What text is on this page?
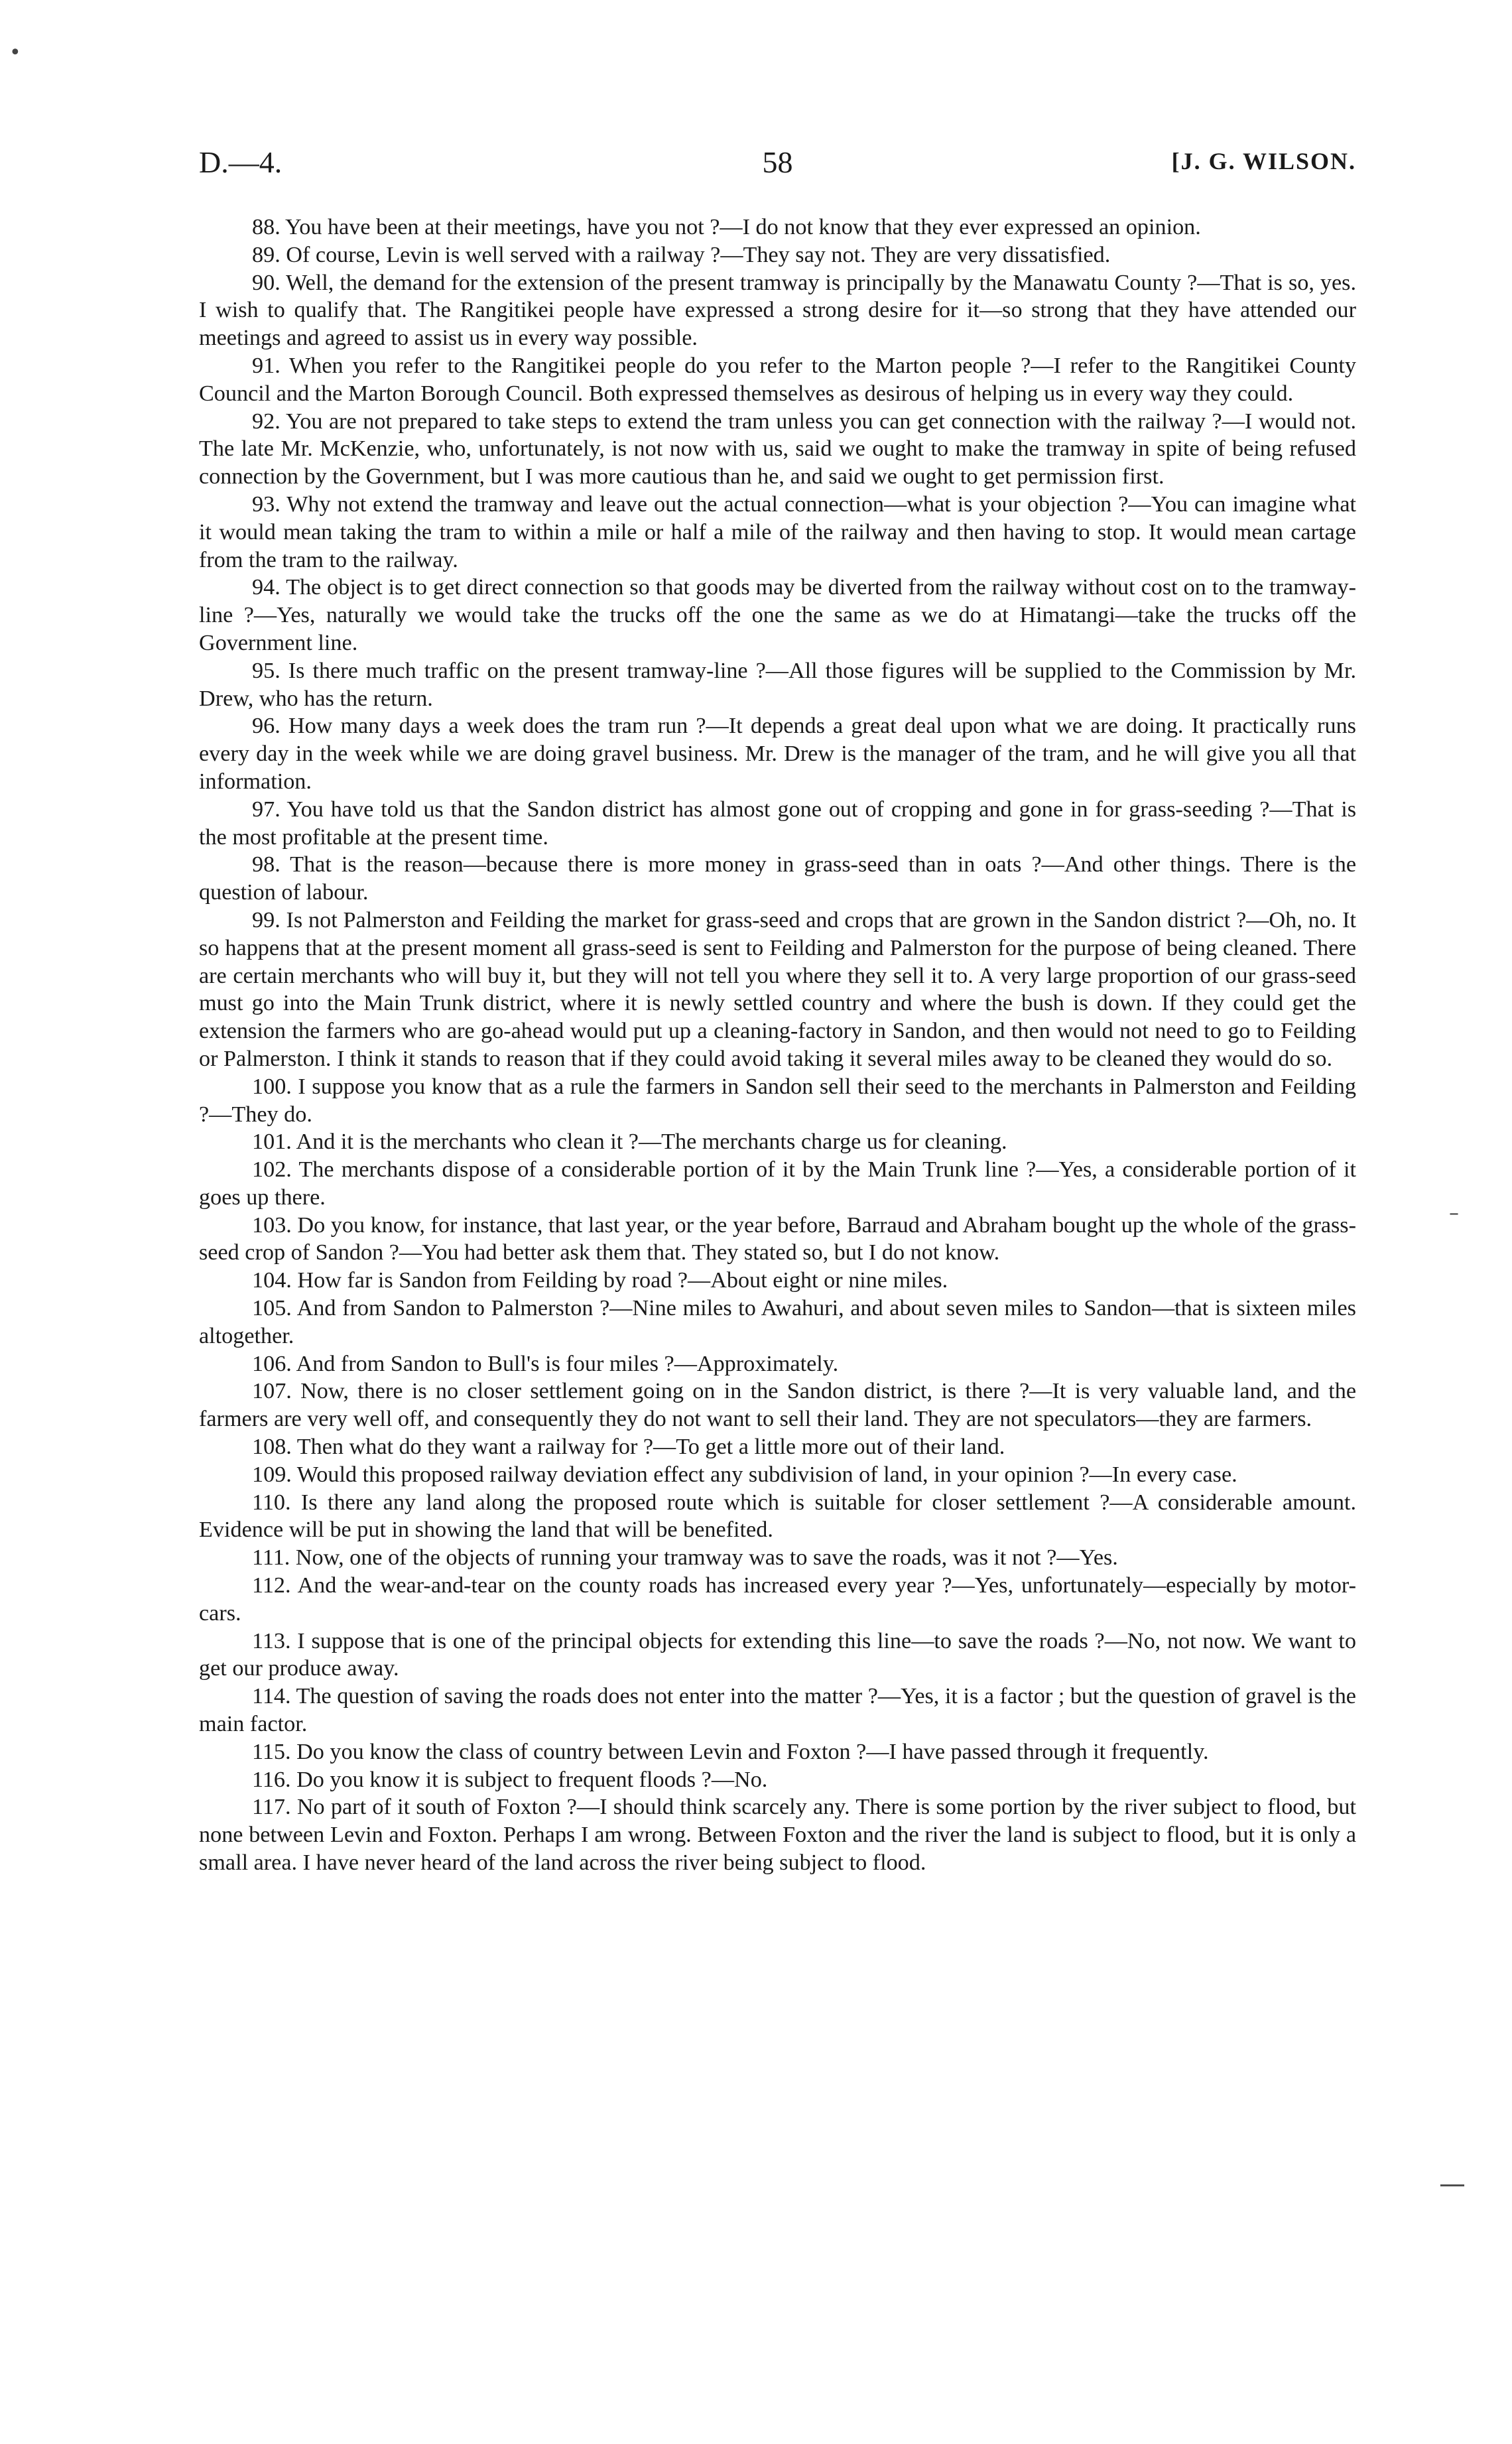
D.—4.	58	[J. G. WILSON.
•
–
—

88. You have been at their meetings, have you not ?—I do not know that they ever expressed an opinion.

89. Of course, Levin is well served with a railway ?—They say not. They are very dissatisfied.

90. Well, the demand for the extension of the present tramway is principally by the Manawatu County ?—That is so, yes. I wish to qualify that. The Rangitikei people have expressed a strong desire for it—so strong that they have attended our meetings and agreed to assist us in every way possible.

91. When you refer to the Rangitikei people do you refer to the Marton people ?—I refer to the Rangitikei County Council and the Marton Borough Council. Both expressed themselves as desirous of helping us in every way they could.

92. You are not prepared to take steps to extend the tram unless you can get connection with the railway ?—I would not. The late Mr. McKenzie, who, unfortunately, is not now with us, said we ought to make the tramway in spite of being refused connection by the Government, but I was more cautious than he, and said we ought to get permission first.

93. Why not extend the tramway and leave out the actual connection—what is your objection ?—You can imagine what it would mean taking the tram to within a mile or half a mile of the railway and then having to stop. It would mean cartage from the tram to the railway.

94. The object is to get direct connection so that goods may be diverted from the railway without cost on to the tramway-line ?—Yes, naturally we would take the trucks off the one the same as we do at Himatangi—take the trucks off the Government line.

95. Is there much traffic on the present tramway-line ?—All those figures will be supplied to the Commission by Mr. Drew, who has the return.

96. How many days a week does the tram run ?—It depends a great deal upon what we are doing. It practically runs every day in the week while we are doing gravel business. Mr. Drew is the manager of the tram, and he will give you all that information.

97. You have told us that the Sandon district has almost gone out of cropping and gone in for grass-seeding ?—That is the most profitable at the present time.

98. That is the reason—because there is more money in grass-seed than in oats ?—And other things. There is the question of labour.

99. Is not Palmerston and Feilding the market for grass-seed and crops that are grown in the Sandon district ?—Oh, no. It so happens that at the present moment all grass-seed is sent to Feilding and Palmerston for the purpose of being cleaned. There are certain merchants who will buy it, but they will not tell you where they sell it to. A very large proportion of our grass-seed must go into the Main Trunk district, where it is newly settled country and where the bush is down. If they could get the extension the farmers who are go-ahead would put up a cleaning-factory in Sandon, and then would not need to go to Feilding or Palmerston. I think it stands to reason that if they could avoid taking it several miles away to be cleaned they would do so.

100. I suppose you know that as a rule the farmers in Sandon sell their seed to the merchants in Palmerston and Feilding ?—They do.

101. And it is the merchants who clean it ?—The merchants charge us for cleaning.

102. The merchants dispose of a considerable portion of it by the Main Trunk line ?—Yes, a considerable portion of it goes up there.

103. Do you know, for instance, that last year, or the year before, Barraud and Abraham bought up the whole of the grass-seed crop of Sandon ?—You had better ask them that. They stated so, but I do not know.

104. How far is Sandon from Feilding by road ?—About eight or nine miles.

105. And from Sandon to Palmerston ?—Nine miles to Awahuri, and about seven miles to Sandon—that is sixteen miles altogether.

106. And from Sandon to Bull's is four miles ?—Approximately.

107. Now, there is no closer settlement going on in the Sandon district, is there ?—It is very valuable land, and the farmers are very well off, and consequently they do not want to sell their land. They are not speculators—they are farmers.

108. Then what do they want a railway for ?—To get a little more out of their land.

109. Would this proposed railway deviation effect any subdivision of land, in your opinion ?—In every case.

110. Is there any land along the proposed route which is suitable for closer settlement ?—A considerable amount. Evidence will be put in showing the land that will be benefited.

111. Now, one of the objects of running your tramway was to save the roads, was it not ?—Yes.

112. And the wear-and-tear on the county roads has increased every year ?—Yes, unfortunately—especially by motor-cars.

113. I suppose that is one of the principal objects for extending this line—to save the roads ?—No, not now. We want to get our produce away.

114. The question of saving the roads does not enter into the matter ?—Yes, it is a factor ; but the question of gravel is the main factor.

115. Do you know the class of country between Levin and Foxton ?—I have passed through it frequently.

116. Do you know it is subject to frequent floods ?—No.

117. No part of it south of Foxton ?—I should think scarcely any. There is some portion by the river subject to flood, but none between Levin and Foxton. Perhaps I am wrong. Between Foxton and the river the land is subject to flood, but it is only a small area. I have never heard of the land across the river being subject to flood.
